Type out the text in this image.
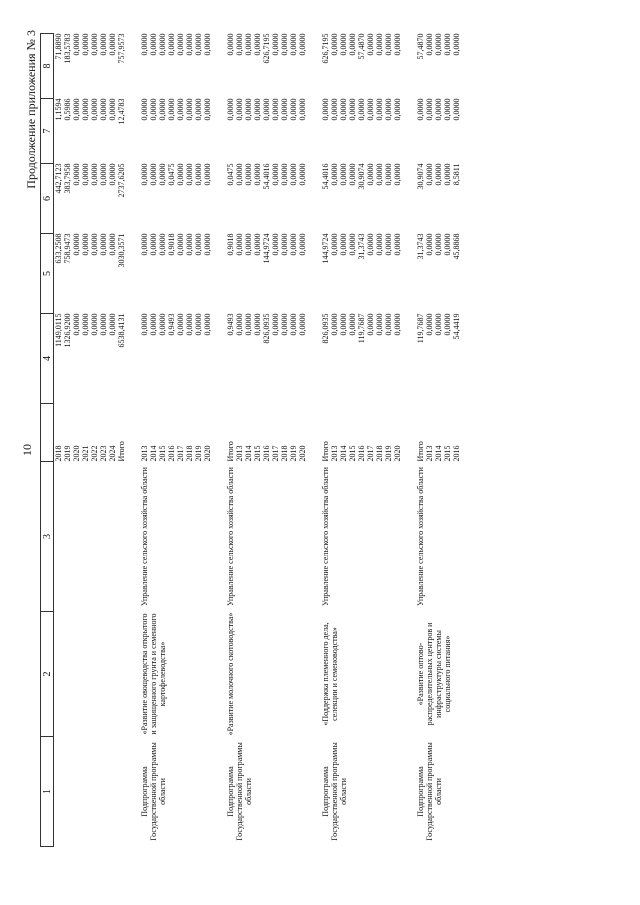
10
Продолжение приложения № 3
1	2	3		4	5	6	7	8
			2018	1149,0115	633,2508	442,7123	1,1594	71,8890
			2019	1326,9200	758,9473	383,7958	0,5986	183,5783
			2020	0,0000	0,0000	0,0000	0,0000	0,0000
			2021	0,0000	0,0000	0,0000	0,0000	0,0000
			2022	0,0000	0,0000	0,0000	0,0000	0,0000
			2023	0,0000	0,0000	0,0000	0,0000	0,0000
			2024	0,0000	0,0000	0,0000	0,0000	0,0000
			Итого	6538,4131	3030,3571	2737,6205	12,4783	757,9573

Подпрограмма Государственной программы области	«Развитие овощеводства открытого и защищенного грунта и семенного картофелеводства»	Управление сельского хозяйства области	2013	0,0000	0,0000	0,0000	0,0000	0,0000
			2014	0,0000	0,0000	0,0000	0,0000	0,0000
			2015	0,0000	0,0000	0,0000	0,0000	0,0000
			2016	0,9493	0,9018	0,0475	0,0000	0,0000
			2017	0,0000	0,0000	0,0000	0,0000	0,0000
			2018	0,0000	0,0000	0,0000	0,0000	0,0000
			2019	0,0000	0,0000	0,0000	0,0000	0,0000
			2020	0,0000	0,0000	0,0000	0,0000	0,0000

Подпрограмма Государственной программы области	«Развитие молочного скотоводства»	Управление сельского хозяйства области	Итого	0,9493	0,9018	0,0475	0,0000	0,0000
			2013	0,0000	0,0000	0,0000	0,0000	0,0000
			2014	0,0000	0,0000	0,0000	0,0000	0,0000
			2015	0,0000	0,0000	0,0000	0,0000	0,0000
			2016	826,0935	144,9724	54,4016	0,0000	626,7195
			2017	0,0000	0,0000	0,0000	0,0000	0,0000
			2018	0,0000	0,0000	0,0000	0,0000	0,0000
			2019	0,0000	0,0000	0,0000	0,0000	0,0000
			2020	0,0000	0,0000	0,0000	0,0000	0,0000

Подпрограмма Государственной программы области	«Поддержка племенного дела, селекции и семеноводства»	Управление сельского хозяйства области	Итого	826,0935	144,9724	54,4016	0,0000	626,7195
			2013	0,0000	0,0000	0,0000	0,0000	0,0000
			2014	0,0000	0,0000	0,0000	0,0000	0,0000
			2015	0,0000	0,0000	0,0000	0,0000	0,0000
			2016	119,7687	31,3743	30,9074	0,0000	57,4870
			2017	0,0000	0,0000	0,0000	0,0000	0,0000
			2018	0,0000	0,0000	0,0000	0,0000	0,0000
			2019	0,0000	0,0000	0,0000	0,0000	0,0000
			2020	0,0000	0,0000	0,0000	0,0000	0,0000

Подпрограмма Государственной программы области	«Развитие оптово-распределительных центров и инфраструктуры системы социального питания»	Управление сельского хозяйства области	Итого	119,7687	31,3743	30,9074	0,0000	57,4870
			2013	0,0000	0,0000	0,0000	0,0000	0,0000
			2014	0,0000	0,0000	0,0000	0,0000	0,0000
			2015	0,0000	0,0000	0,0000	0,0000	0,0000
			2016	54,4419	45,8868	8,5811	0,0000	0,0000
